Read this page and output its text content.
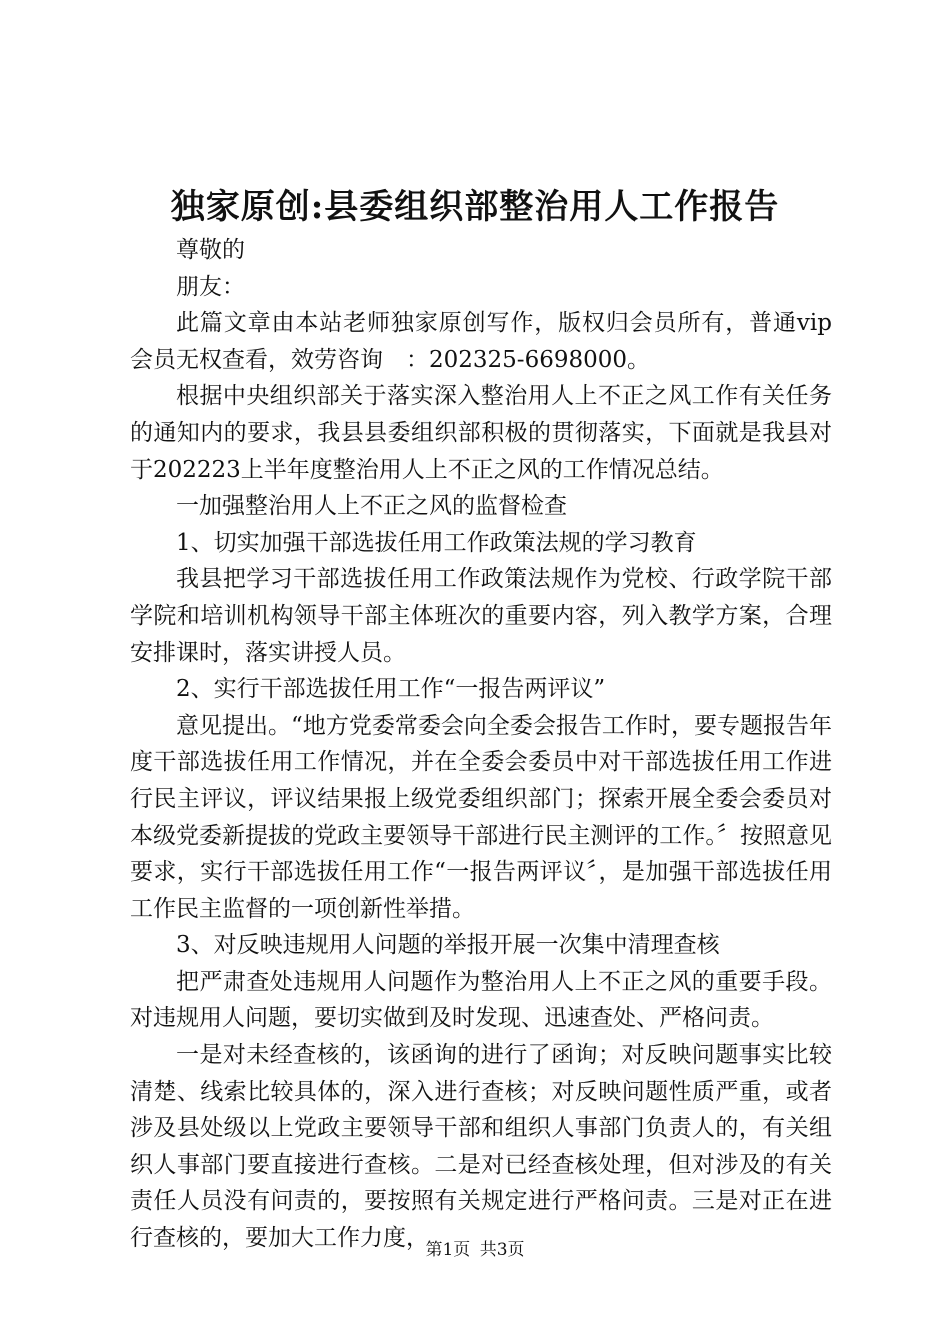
独家原创:县委组织部整治用人工作报告

尊敬的

朋友：

此篇文章由本站老师独家原创写作，版权归会员所有，普通vip会员无权查看，效劳咨询　：202325-6698000。

根据中央组织部关于落实深入整治用人上不正之风工作有关任务的通知内的要求，我县县委组织部积极的贯彻落实，下面就是我县对于202223上半年度整治用人上不正之风的工作情况总结。

一加强整治用人上不正之风的监督检查

1、切实加强干部选拔任用工作政策法规的学习教育

我县把学习干部选拔任用工作政策法规作为党校、行政学院干部学院和培训机构领导干部主体班次的重要内容，列入教学方案，合理安排课时，落实讲授人员。

2、实行干部选拔任用工作“一报告两评议”

意见提出。“地方党委常委会向全委会报告工作时，要专题报告年度干部选拔任用工作情况，并在全委会委员中对干部选拔任用工作进行民主评议，评议结果报上级党委组织部门；探索开展全委会委员对本级党委新提拔的党政主要领导干部进行民主测评的工作。〞按照意见要求，实行干部选拔任用工作“一报告两评议〞，是加强干部选拔任用工作民主监督的一项创新性举措。

3、对反映违规用人问题的举报开展一次集中清理查核

把严肃查处违规用人问题作为整治用人上不正之风的重要手段。对违规用人问题，要切实做到及时发现、迅速查处、严格问责。

一是对未经查核的，该函询的进行了函询；对反映问题事实比较清楚、线索比较具体的，深入进行查核；对反映问题性质严重，或者涉及县处级以上党政主要领导干部和组织人事部门负责人的，有关组织人事部门要直接进行查核。二是对已经查核处理，但对涉及的有关责任人员没有问责的，要按照有关规定进行严格问责。三是对正在进行查核的，要加大工作力度，

第1页 共3页
